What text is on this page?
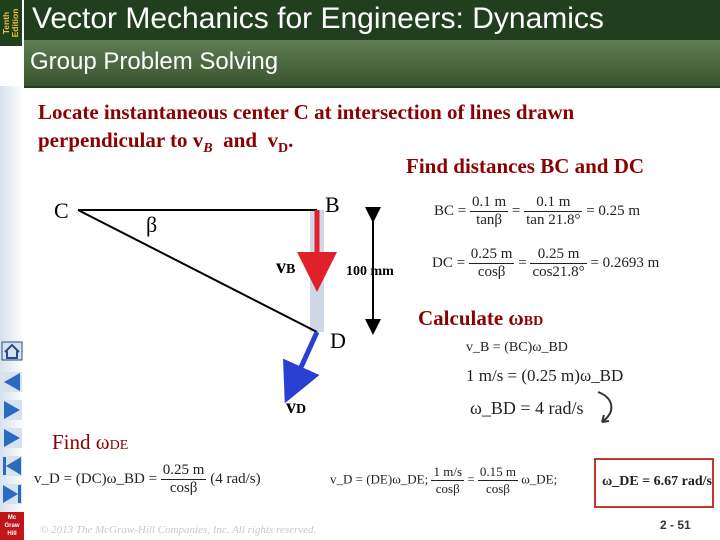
Tenth Edition Vector Mechanics for Engineers: Dynamics
Group Problem Solving
Mc
Graw
Hill
Locate instantaneous center C at intersection of lines drawn
perpendicular to $v_B$  and  $v_D$.
Find distances BC and DC
C	B
D
β
vB
vD
100 mm
BC = $\frac{0.1 m}{\tan\beta} = \frac{0.1 m}{\tan 21.8^\circ} = 0.25$ m
DC = $\frac{0.25 m}{\cos\beta} = \frac{0.25 m}{\cos 21.8^\circ} = 0.2693$ m
Calculate ωBD
v_B = (BC)ω_BD
1 m/s = (0.25 m)ω_BD
ω_BD = 4 rad/s
Find ωDE
v_D = (DC)ω_BD = $\frac{0.25 m}{\cos\beta} (4$ rad/s)	v_D = (DE)ω_DE; $\frac{1 m/s}{\cos\beta} = \frac{0.15 m}{\cos\beta}$ ω_DE;	ω_DE = 6.67 rad/s
© 2013 The McGraw-Hill Companies, Inc. All rights reserved.	2 - 51
